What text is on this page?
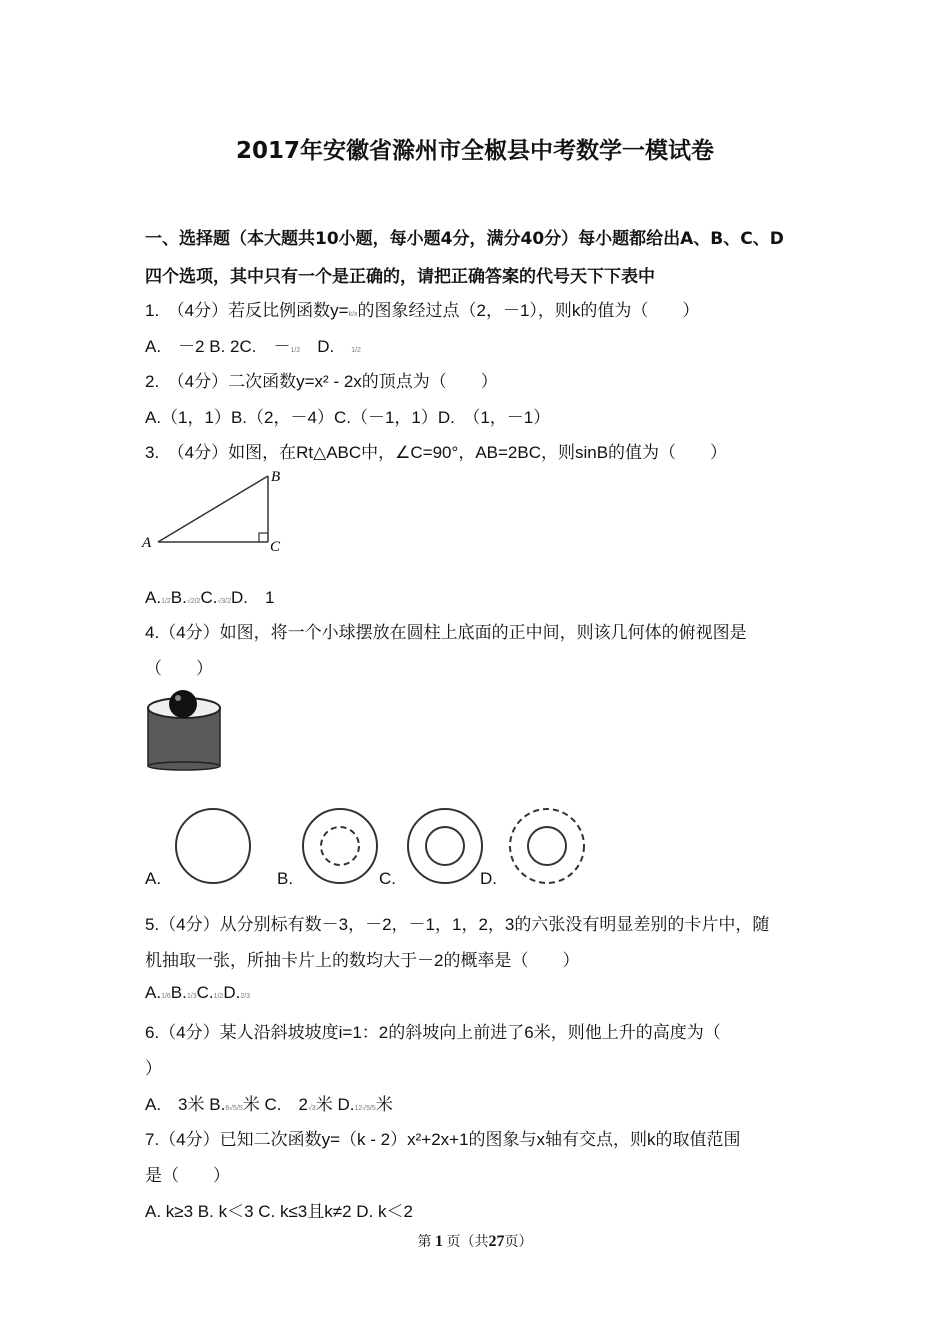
2017年安徽省滁州市全椒县中考数学一模试卷
一、选择题（本大题共10小题，每小题4分，满分40分）每小题都给出A、B、C、D
四个选项，其中只有一个是正确的，请把正确答案的代号天下下表中
1.　（4分）若反比例函数y=k/x的图象经过点（2，－1），则k的值为（　　）
A.　－2 B. 2C.　－1/2　D.　1/2
2.　（4分）二次函数y=x² - 2x的顶点为（　　）
A.（1，1）B.（2，－4）C.（－1，1）D.　（1，－1）
3.　（4分）如图，在Rt△ABC中，∠C=90°，AB=2BC，则sinB的值为（　　）
A
B
C
A.1/2B.√2/2C.√3/2D.　1
4.（4分）如图，将一个小球摆放在圆柱上底面的正中间，则该几何体的俯视图是
（　　）
A.	B.	C.	D.
5.（4分）从分别标有数－3，－2，－1，1，2，3的六张没有明显差别的卡片中，随
机抽取一张，所抽卡片上的数均大于－2的概率是（　　）
A.1/6B.1/3C.1/2D.2/3
6.（4分）某人沿斜坡坡度i=1：2的斜坡向上前进了6米，则他上升的高度为（
）
A.　3米 B.6√5/5米 C.　2√3米 D.12√5/5米
7.（4分）已知二次函数y=（k - 2）x²+2x+1的图象与x轴有交点，则k的取值范围
是（　　）
A. k≥3 B. k＜3 C. k≤3且k≠2 D. k＜2
第 1 页（共27页）
